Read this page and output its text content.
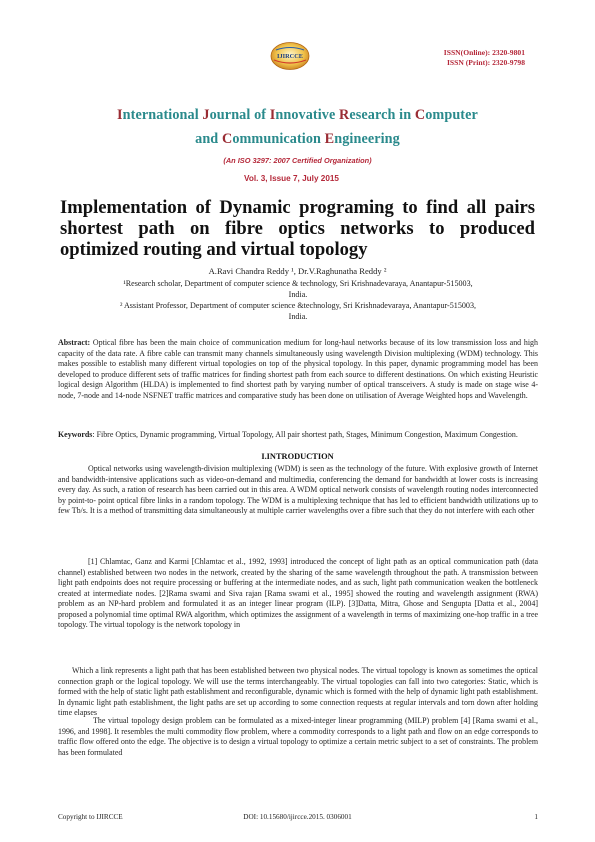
IJIRCCE	ISSN(Online): 2320-9801
ISSN (Print): 2320-9798
International Journal of Innovative Research in Computer
and Communication Engineering
(An ISO 3297: 2007 Certified Organization)
Vol. 3, Issue 7, July 2015
Implementation of Dynamic programing to find all pairs shortest path on fibre optics networks to produced optimized routing and virtual topology
A.Ravi Chandra Reddy ¹, Dr.V.Raghunatha Reddy ²
¹Research scholar, Department of computer science & technology, Sri Krishnadevaraya, Anantapur-515003,
India.
² Assistant Professor, Department of computer science &technology, Sri Krishnadevaraya, Anantapur-515003,
India.
Abstract: Optical fibre has been the main choice of communication medium for long-haul networks because of its low transmission loss and high capacity of the data rate. A fibre cable can transmit many channels simultaneously using wavelength Division multiplexing (WDM) technology. This makes possible to establish many different virtual topologies on top of the physical topology. In this paper, dynamic programming model has been developed to produce different sets of traffic matrices for finding shortest path from each source to different destinations. On which existing Heuristic logical design Algorithm (HLDA) is implemented to find shortest path by varying number of optical transceivers. A study is made on stage wise 4-node, 7-node and 14-node NSFNET traffic matrices and comparative study has been done on utilisation of Average Weighted hops and Wavelength.
Keywords: Fibre Optics, Dynamic programming, Virtual Topology, All pair shortest path, Stages, Minimum Congestion, Maximum Congestion.
I.INTRODUCTION
Optical networks using wavelength-division multiplexing (WDM) is seen as the technology of the future. With explosive growth of Internet and bandwidth-intensive applications such as video-on-demand and multimedia, conferencing the demand for bandwidth at lower costs is increasing every day. As such, a ration of research has been carried out in this area. A WDM optical network consists of wavelength routing nodes interconnected by point-to- point optical fibre links in a random topology. The WDM is a multiplexing technique that has led to efficient bandwidth utilizations up to few Tb/s. It is a method of transmitting data simultaneously at multiple carrier wavelengths over a fibre such that they do not interfere with each other
[1] Chlamtac, Ganz and Karmi [Chlamtac et al., 1992, 1993] introduced the concept of light path as an optical communication path (data channel) established between two nodes in the network, created by the sharing of the same wavelength throughout the path. A transmission between light path endpoints does not require processing or buffering at the intermediate nodes, and as such, light path communication weaken the bottleneck created at intermediate nodes. [2]Rama swami and Siva rajan [Rama swami et al., 1995] showed the routing and wavelength assignment (RWA) problem as an NP-hard problem and formulated it as an integer linear program (ILP). [3]Datta, Mitra, Ghose and Sengupta [Datta et al., 2004] proposed a polynomial time optimal RWA algorithm, which optimizes the assignment of a wavelength in terms of maximizing one-hop traffic in a tree topology. The virtual topology is the network topology in
Which a link represents a light path that has been established between two physical nodes. The virtual topology is known as sometimes the optical connection graph or the logical topology. We will use the terms interchangeably. The virtual topologies can fall into two categories: Static, which is formed with the help of static light path establishment and reconfigurable, dynamic which is formed with the help of dynamic light path establishment. In dynamic light path establishment, the light paths are set up according to some connection requests at regular intervals and torn down after holding time elapses
The virtual topology design problem can be formulated as a mixed-integer linear programming (MILP) problem [4] [Rama swami et al., 1996, and 1998]. It resembles the multi commodity flow problem, where a commodity corresponds to a light path and flow on an edge corresponds to traffic flow offered onto the edge. The objective is to design a virtual topology to optimize a certain metric subject to a set of constraints. The problem has been formulated
Copyright to IJIRCCE	DOI: 10.15680/ijircce.2015. 0306001	1
